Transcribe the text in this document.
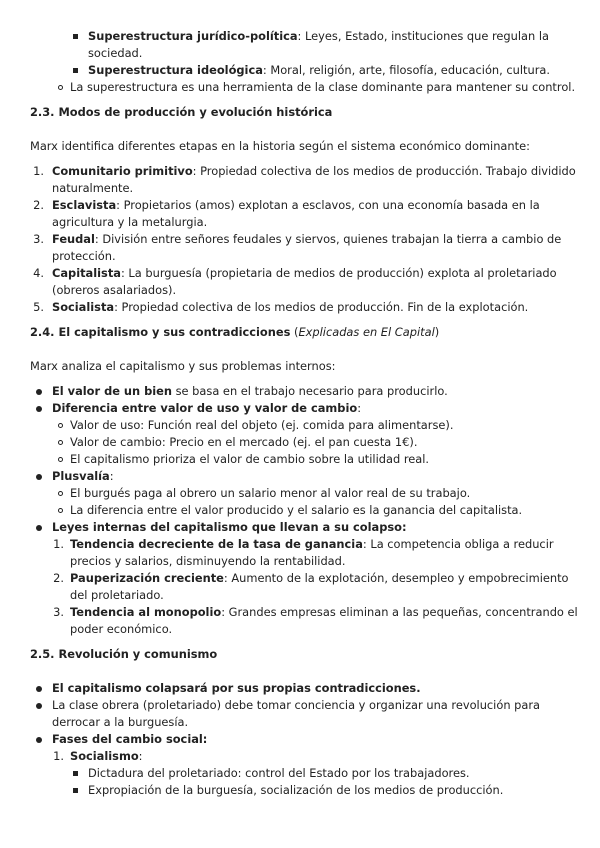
Superestructura jurídico-política: Leyes, Estado, instituciones que regulan la
sociedad.
Superestructura ideológica: Moral, religión, arte, filosofía, educación, cultura.
La superestructura es una herramienta de la clase dominante para mantener su control.
2.3. Modos de producción y evolución histórica
Marx identifica diferentes etapas en la historia según el sistema económico dominante:
1. Comunitario primitivo: Propiedad colectiva de los medios de producción. Trabajo dividido
naturalmente.
2. Esclavista: Propietarios (amos) explotan a esclavos, con una economía basada en la
agricultura y la metalurgia.
3. Feudal: División entre señores feudales y siervos, quienes trabajan la tierra a cambio de
protección.
4. Capitalista: La burguesía (propietaria de medios de producción) explota al proletariado
(obreros asalariados).
5. Socialista: Propiedad colectiva de los medios de producción. Fin de la explotación.
2.4. El capitalismo y sus contradicciones (Explicadas en El Capital)
Marx analiza el capitalismo y sus problemas internos:
El valor de un bien se basa en el trabajo necesario para producirlo.
Diferencia entre valor de uso y valor de cambio:
Valor de uso: Función real del objeto (ej. comida para alimentarse).
Valor de cambio: Precio en el mercado (ej. el pan cuesta 1€).
El capitalismo prioriza el valor de cambio sobre la utilidad real.
Plusvalía:
El burgués paga al obrero un salario menor al valor real de su trabajo.
La diferencia entre el valor producido y el salario es la ganancia del capitalista.
Leyes internas del capitalismo que llevan a su colapso:
1. Tendencia decreciente de la tasa de ganancia: La competencia obliga a reducir
precios y salarios, disminuyendo la rentabilidad.
2. Pauperización creciente: Aumento de la explotación, desempleo y empobrecimiento
del proletariado.
3. Tendencia al monopolio: Grandes empresas eliminan a las pequeñas, concentrando el
poder económico.
2.5. Revolución y comunismo
El capitalismo colapsará por sus propias contradicciones.
La clase obrera (proletariado) debe tomar conciencia y organizar una revolución para
derrocar a la burguesía.
Fases del cambio social:
1. Socialismo:
Dictadura del proletariado: control del Estado por los trabajadores.
Expropiación de la burguesía, socialización de los medios de producción.
